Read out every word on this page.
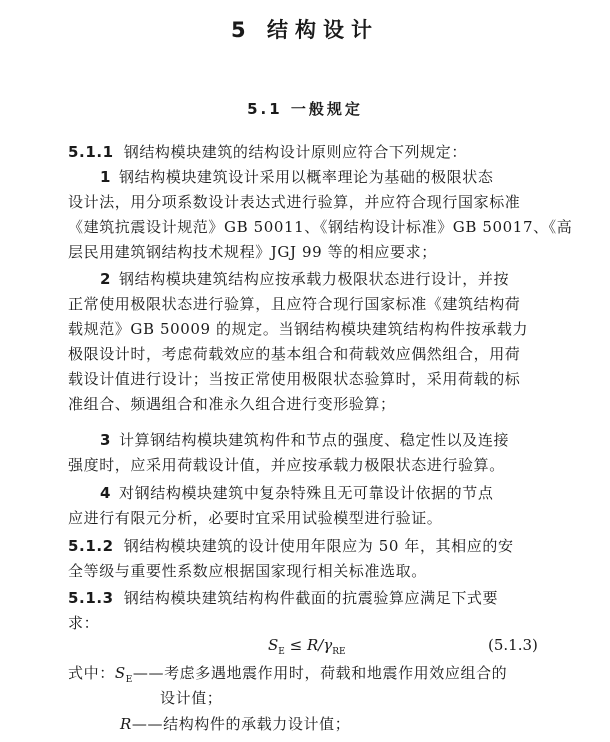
5 结构设计
5.1 一般规定
5.1.1 钢结构模块建筑的结构设计原则应符合下列规定：
1 钢结构模块建筑设计采用以概率理论为基础的极限状态
设计法，用分项系数设计表达式进行验算，并应符合现行国家标准
《建筑抗震设计规范》GB 50011、《钢结构设计标准》GB 50017、《高
层民用建筑钢结构技术规程》JGJ 99 等的相应要求；
2 钢结构模块建筑结构应按承载力极限状态进行设计，并按
正常使用极限状态进行验算，且应符合现行国家标准《建筑结构荷
载规范》GB 50009 的规定。当钢结构模块建筑结构构件按承载力
极限设计时，考虑荷载效应的基本组合和荷载效应偶然组合，用荷
载设计值进行设计；当按正常使用极限状态验算时，采用荷载的标
准组合、频遇组合和准永久组合进行变形验算；
3 计算钢结构模块建筑构件和节点的强度、稳定性以及连接
强度时，应采用荷载设计值，并应按承载力极限状态进行验算。
4 对钢结构模块建筑中复杂特殊且无可靠设计依据的节点
应进行有限元分析，必要时宜采用试验模型进行验证。
5.1.2 钢结构模块建筑的设计使用年限应为 50 年，其相应的安
全等级与重要性系数应根据国家现行相关标准选取。
5.1.3 钢结构模块建筑结构构件截面的抗震验算应满足下式要
求：
$S_E \le R/\gamma_{RE}$	(5.1.3)
式中：$S_E——$考虑多遇地震作用时，荷载和地震作用效应组合的
设计值；
R——结构构件的承载力设计值；
